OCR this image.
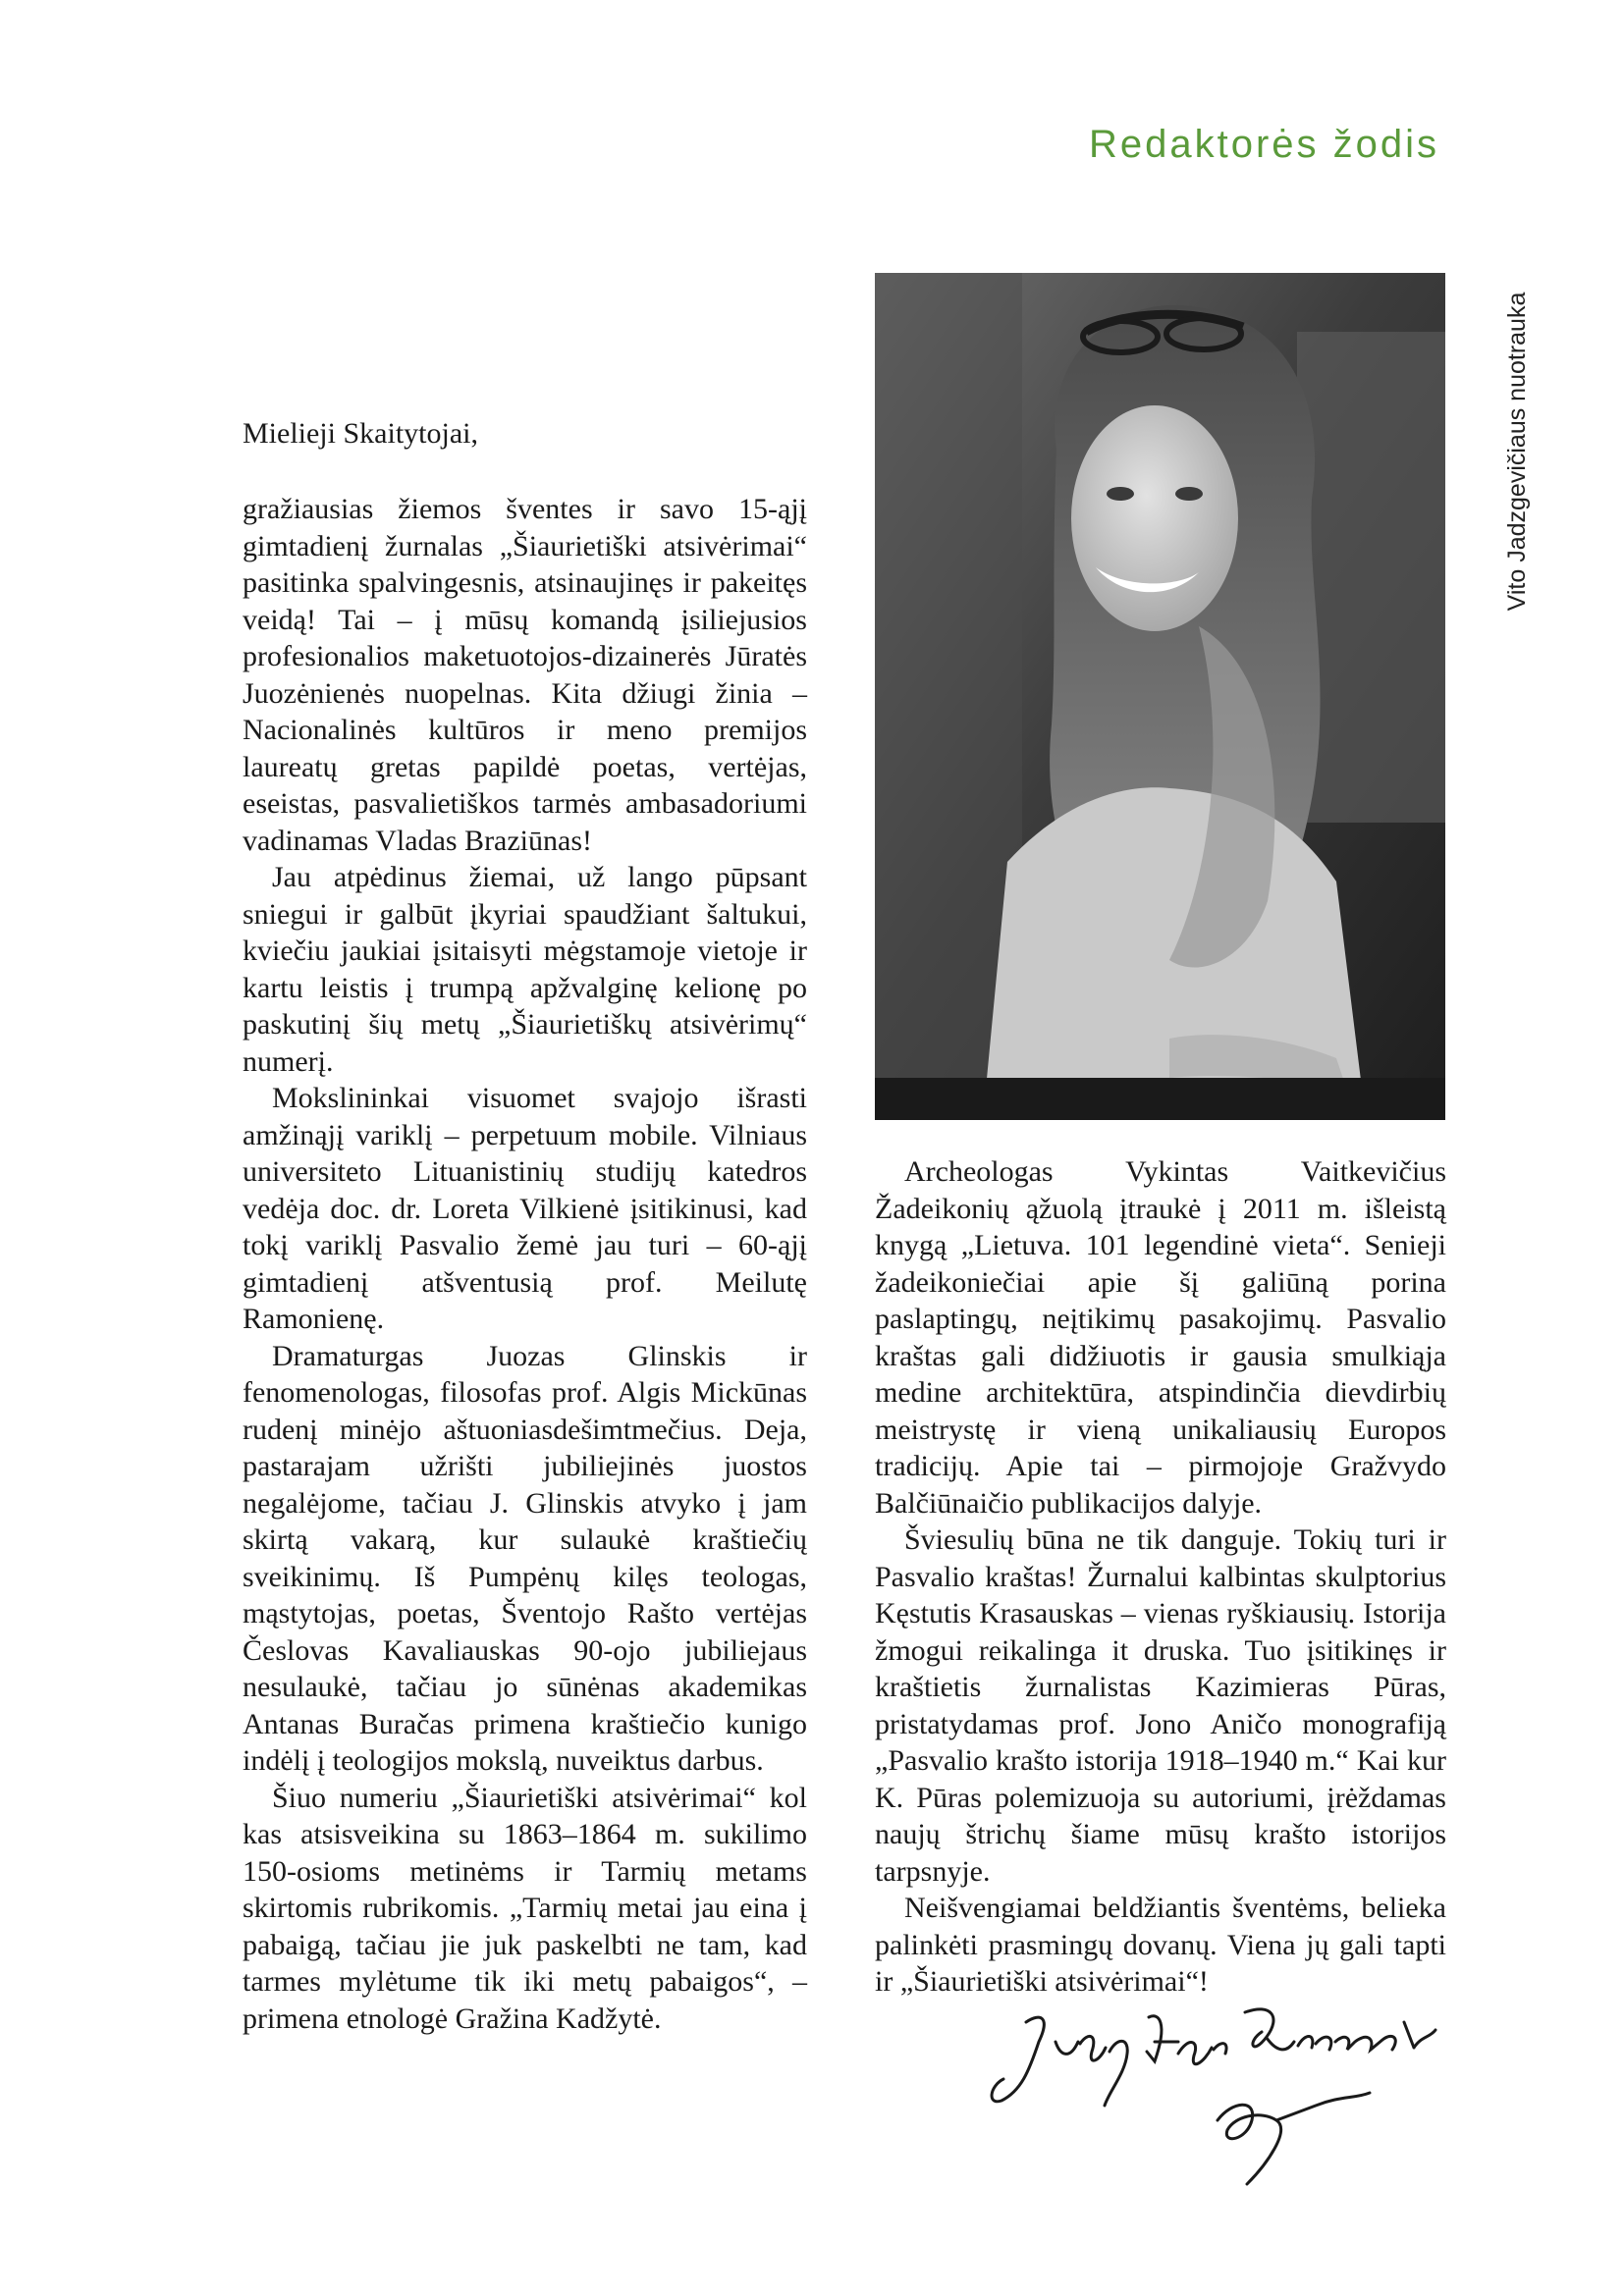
Redaktorės žodis
Vito Jadzgevičiaus nuotrauka
Mielieji Skaitytojai,

gražiausias žiemos šventes ir savo 15-ąjį gimtadienį žurnalas „Šiaurietiški atsivėrimai“ pasitinka spalvingesnis, atsinaujinęs ir pakeitęs veidą! Tai – į mūsų komandą įsiliejusios profesionalios maketuotojos-dizainerės Jūratės Juozėnienės nuopelnas. Kita džiugi žinia – Nacionalinės kultūros ir meno premijos laureatų gretas papildė poetas, vertėjas, eseistas, pasvalietiškos tarmės ambasadoriumi vadinamas Vladas Braziūnas!

Jau atpėdinus žiemai, už lango pūpsant sniegui ir galbūt įkyriai spaudžiant šaltukui, kviečiu jaukiai įsitaisyti mėgstamoje vietoje ir kartu leistis į trumpą apžvalginę kelionę po paskutinį šių metų „Šiaurietiškų atsivėrimų“ numerį.

Mokslininkai visuomet svajojo išrasti amžinąjį variklį – perpetuum mobile. Vilniaus universiteto Lituanistinių studijų katedros vedėja doc. dr. Loreta Vilkienė įsitikinusi, kad tokį variklį Pasvalio žemė jau turi – 60-ąjį gimtadienį atšventusią prof. Meilutę Ramonienę.

Dramaturgas Juozas Glinskis ir fenomenologas, filosofas prof. Algis Mickūnas rudenį minėjo aštuoniasdešimtmečius. Deja, pastarajam užrišti jubiliejinės juostos negalėjome, tačiau J. Glinskis atvyko į jam skirtą vakarą, kur sulaukė kraštiečių sveikinimų. Iš Pumpėnų kilęs teologas, mąstytojas, poetas, Šventojo Rašto vertėjas Česlovas Kavaliauskas 90-ojo jubiliejaus nesulaukė, tačiau jo sūnėnas akademikas Antanas Buračas primena kraštiečio kunigo indėlį į teologijos mokslą, nuveiktus darbus.

Šiuo numeriu „Šiaurietiški atsivėrimai“ kol kas atsisveikina su 1863–1864 m. sukilimo 150-osioms metinėms ir Tarmių metams skirtomis rubrikomis. „Tarmių metai jau eina į pabaigą, tačiau jie juk paskelbti ne tam, kad tarmes mylėtume tik iki metų pabaigos“, – primena etnologė Gražina Kadžytė.

Archeologas Vykintas Vaitkevičius Žadeikonių ąžuolą įtraukė į 2011 m. išleistą knygą „Lietuva. 101 legendinė vieta“. Senieji žadeikoniečiai apie šį galiūną porina paslaptingų, neįtikimų pasakojimų. Pasvalio kraštas gali didžiuotis ir gausia smulkiąja medine architektūra, atspindinčia dievdirbių meistrystę ir vieną unikaliausių Europos tradicijų. Apie tai – pirmojoje Gražvydo Balčiūnaičio publikacijos dalyje.

Šviesulių būna ne tik danguje. Tokių turi ir Pasvalio kraštas! Žurnalui kalbintas skulptorius Kęstutis Krasauskas – vienas ryškiausių. Istorija žmogui reikalinga it druska. Tuo įsitikinęs ir kraštietis žurnalistas Kazimieras Pūras, pristatydamas prof. Jono Aničo monografiją „Pasvalio krašto istorija 1918–1940 m.“ Kai kur K. Pūras polemizuoja su autoriumi, įrėždamas naujų štrichų šiame mūsų krašto istorijos tarpsnyje.

Neišvengiamai beldžiantis šventėms, belieka palinkėti prasmingų dovanų. Viena jų gali tapti ir „Šiaurietiški atsivėrimai“!
